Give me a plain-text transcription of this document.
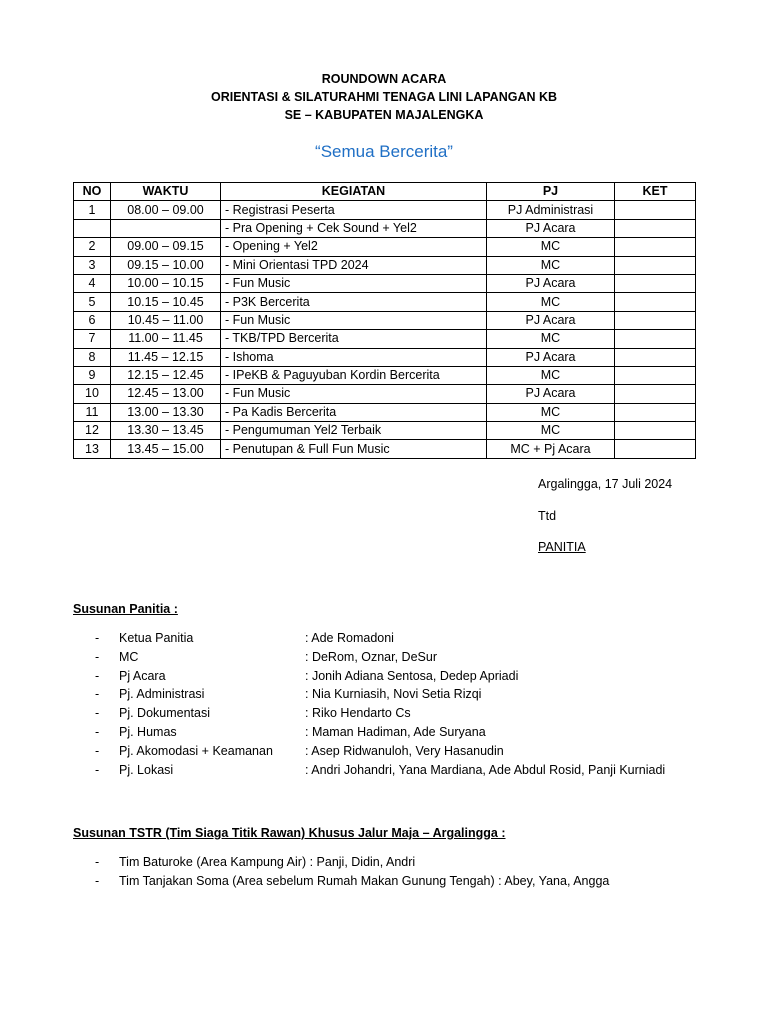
ROUNDOWN ACARA
ORIENTASI & SILATURAHMI TENAGA LINI LAPANGAN KB
SE – KABUPATEN MAJALENGKA
“Semua Bercerita”
NO	WAKTU	KEGIATAN	PJ	KET
1	08.00 – 09.00	- Registrasi Peserta	PJ Administrasi	
		- Pra Opening + Cek Sound + Yel2	PJ Acara	
2	09.00 – 09.15	- Opening + Yel2	MC	
3	09.15 – 10.00	- Mini Orientasi TPD 2024	MC	
4	10.00 – 10.15	- Fun Music	PJ Acara	
5	10.15 – 10.45	- P3K Bercerita	MC	
6	10.45 – 11.00	- Fun Music	PJ Acara	
7	11.00 – 11.45	- TKB/TPD Bercerita	MC	
8	11.45 – 12.15	- Ishoma	PJ Acara	
9	12.15 – 12.45	- IPeKB & Paguyuban Kordin Bercerita	MC	
10	12.45 – 13.00	- Fun Music	PJ Acara	
11	13.00 – 13.30	- Pa Kadis Bercerita	MC	
12	13.30 – 13.45	- Pengumuman Yel2 Terbaik	MC	
13	13.45 – 15.00	- Penutupan & Full Fun Music	MC + Pj Acara	
Argalingga, 17 Juli 2024
Ttd
PANITIA
Susunan Panitia :
- Ketua Panitia	: Ade Romadoni
- MC	: DeRom, Oznar, DeSur
- Pj Acara	: Jonih Adiana Sentosa, Dedep Apriadi
- Pj. Administrasi	: Nia Kurniasih, Novi Setia Rizqi
- Pj. Dokumentasi	: Riko Hendarto Cs
- Pj. Humas	: Maman Hadiman, Ade Suryana
- Pj. Akomodasi + Keamanan	: Asep Ridwanuloh, Very Hasanudin
- Pj. Lokasi	: Andri Johandri, Yana Mardiana, Ade Abdul Rosid, Panji Kurniadi
Susunan TSTR (Tim Siaga Titik Rawan) Khusus Jalur Maja – Argalingga :
- Tim Baturoke (Area Kampung Air) : Panji, Didin, Andri
- Tim Tanjakan Soma (Area sebelum Rumah Makan Gunung Tengah) : Abey, Yana, Angga
